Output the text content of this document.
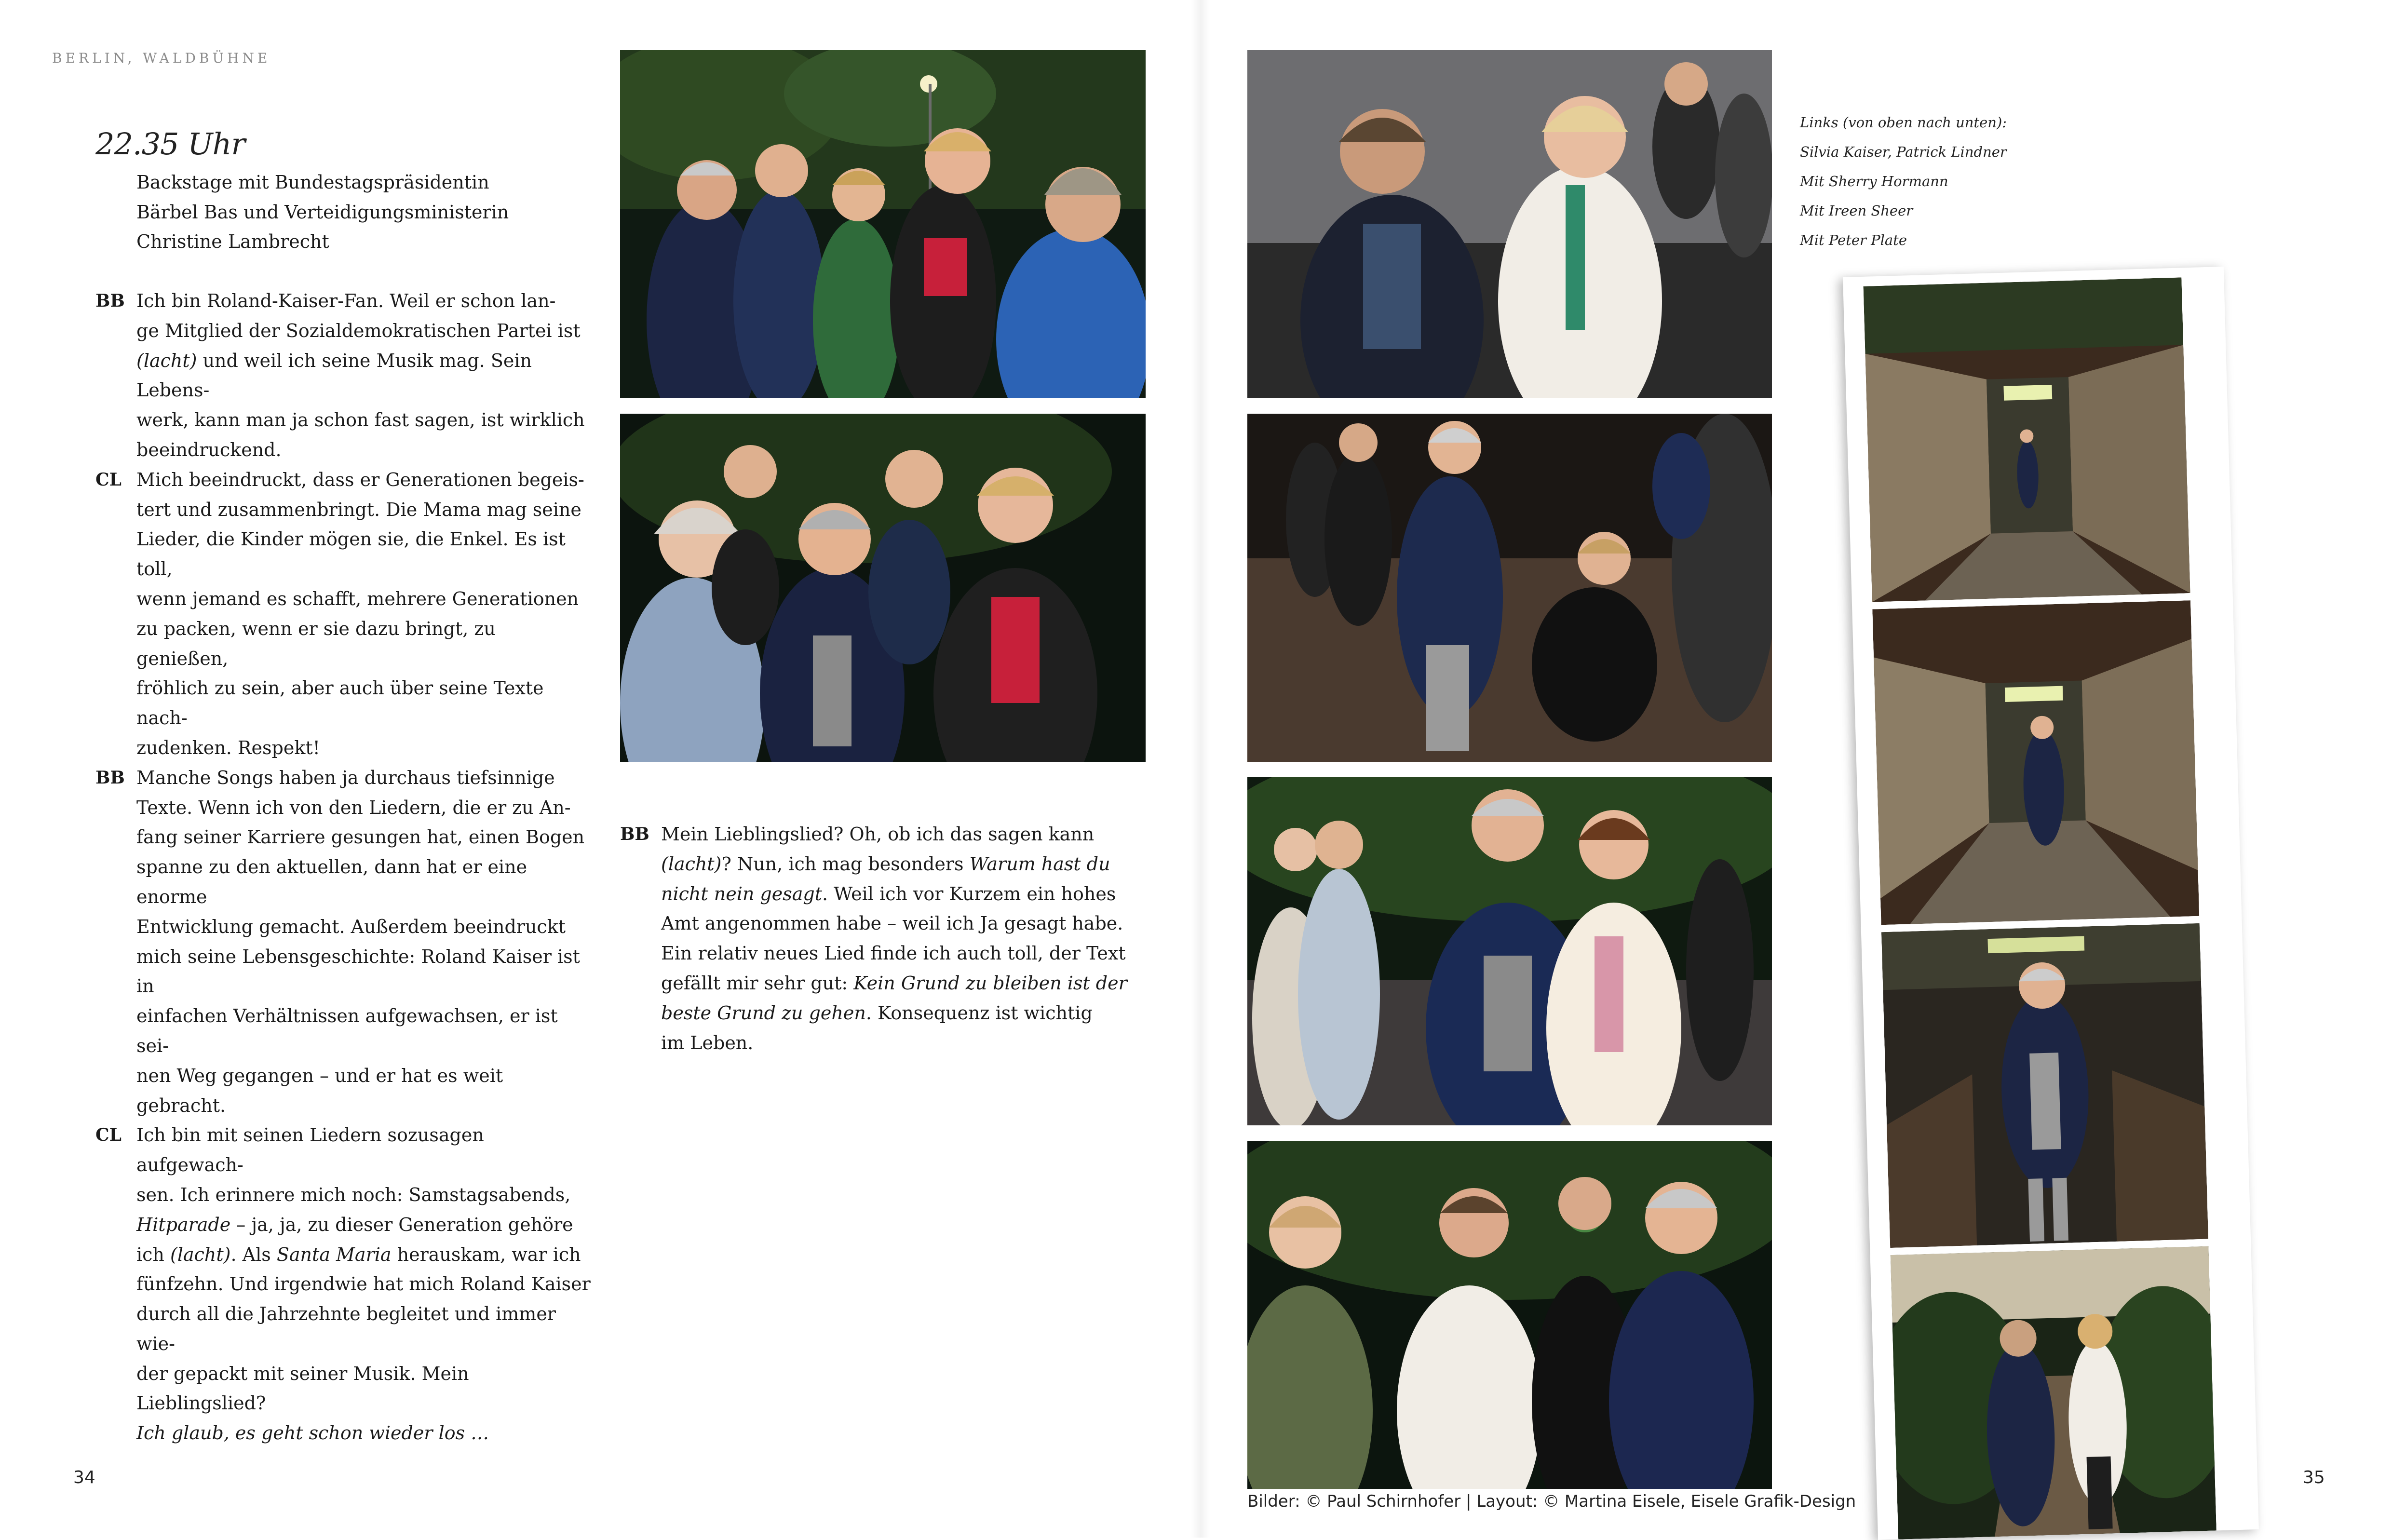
BERLIN, WALDBÜHNE
22.35 Uhr
Backstage mit Bundestagspräsidentin
Bärbel Bas und Verteidigungsministerin
Christine Lambrecht

BB Ich bin Roland-Kaiser-Fan. Weil er schon lan-
ge Mitglied der Sozialdemokratischen Partei ist
(lacht) und weil ich seine Musik mag. Sein Lebens-
werk, kann man ja schon fast sagen, ist wirklich
beeindruckend.

CL Mich beeindruckt, dass er Generationen begeis-
tert und zusammenbringt. Die Mama mag seine
Lieder, die Kinder mögen sie, die Enkel. Es ist toll,
wenn jemand es schafft, mehrere Generationen
zu packen, wenn er sie dazu bringt, zu genießen,
fröhlich zu sein, aber auch über seine Texte nach-
zudenken. Respekt!

BB Manche Songs haben ja durchaus tiefsinnige
Texte. Wenn ich von den Liedern, die er zu An-
fang seiner Karriere gesungen hat, einen Bogen
spanne zu den aktuellen, dann hat er eine enorme
Entwicklung gemacht. Außerdem beeindruckt
mich seine Lebensgeschichte: Roland Kaiser ist in
einfachen Verhältnissen aufgewachsen, er ist sei-
nen Weg gegangen – und er hat es weit gebracht.

CL Ich bin mit seinen Liedern sozusagen aufgewach-
sen. Ich erinnere mich noch: Samstagsabends,
Hitparade – ja, ja, zu dieser Generation gehöre
ich (lacht). Als Santa Maria herauskam, war ich
fünfzehn. Und irgendwie hat mich Roland Kaiser
durch all die Jahrzehnte begleitet und immer wie-
der gepackt mit seiner Musik. Mein Lieblingslied?
Ich glaub, es geht schon wieder los …

BB Mein Lieblingslied? Oh, ob ich das sagen kann
(lacht)? Nun, ich mag besonders Warum hast du
nicht nein gesagt. Weil ich vor Kurzem ein hohes
Amt angenommen habe – weil ich Ja gesagt habe.
Ein relativ neues Lied finde ich auch toll, der Text
gefällt mir sehr gut: Kein Grund zu bleiben ist der
beste Grund zu gehen. Konsequenz ist wichtig
im Leben.

34
Links (von oben nach unten):
Silvia Kaiser, Patrick Lindner
Mit Sherry Hormann
Mit Ireen Sheer
Mit Peter Plate
Bilder: © Paul Schirnhofer | Layout: © Martina Eisele, Eisele Grafik-Design
35
